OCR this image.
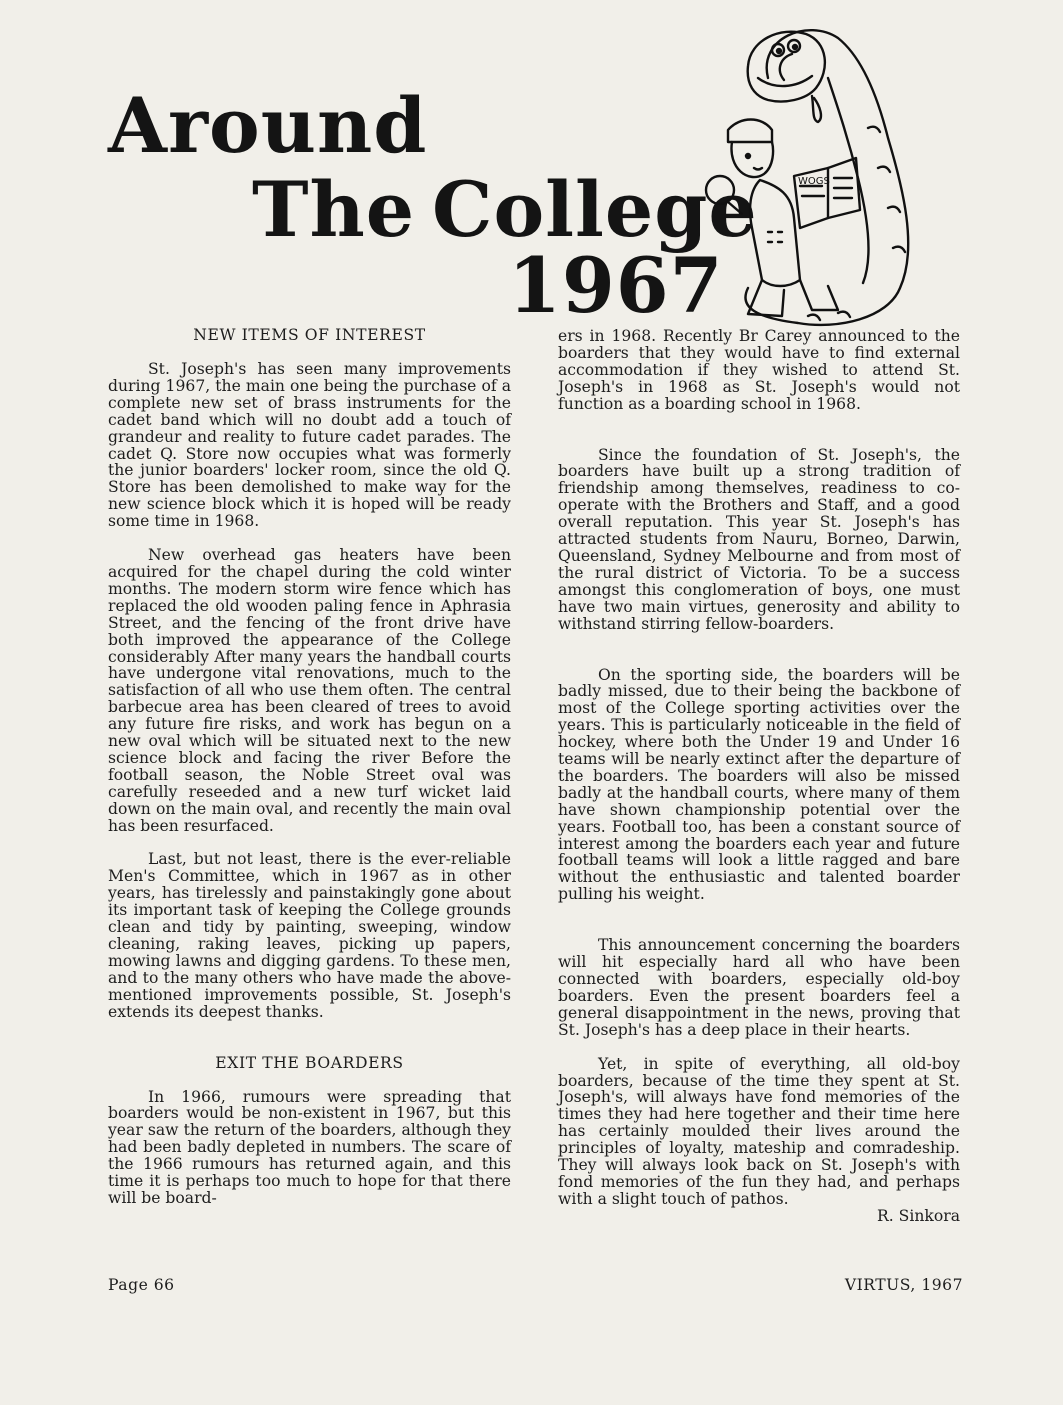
Around
The College
1967
WOGS
NEW ITEMS OF INTEREST

St. Joseph's has seen many improvements during 1967, the main one being the purchase of a complete new set of brass instruments for the cadet band which will no doubt add a touch of grandeur and reality to future cadet parades. The cadet Q. Store now occupies what was formerly the junior boarders' locker room, since the old Q. Store has been demolished to make way for the new science block which it is hoped will be ready some time in 1968.

New overhead gas heaters have been acquired for the chapel during the cold winter months. The modern storm wire fence which has replaced the old wooden paling fence in Aphrasia Street, and the fencing of the front drive have both improved the appearance of the College considerably After many years the handball courts have undergone vital renovations, much to the satisfaction of all who use them often. The central barbecue area has been cleared of trees to avoid any future fire risks, and work has begun on a new oval which will be situated next to the new science block and facing the river Before the football season, the Noble Street oval was carefully reseeded and a new turf wicket laid down on the main oval, and recently the main oval has been resurfaced.

Last, but not least, there is the ever-reliable Men's Committee, which in 1967 as in other years, has tirelessly and painstakingly gone about its important task of keeping the College grounds clean and tidy by painting, sweeping, window cleaning, raking leaves, picking up papers, mowing lawns and digging gardens. To these men, and to the many others who have made the above-mentioned improvements possible, St. Joseph's extends its deepest thanks.

EXIT THE BOARDERS

In 1966, rumours were spreading that boarders would be non-existent in 1967, but this year saw the return of the boarders, although they had been badly depleted in numbers. The scare of the 1966 rumours has returned again, and this time it is perhaps too much to hope for that there will be board-

ers in 1968. Recently Br Carey announced to the boarders that they would have to find external accommodation if they wished to attend St. Joseph's in 1968 as St. Joseph's would not function as a boarding school in 1968.

Since the foundation of St. Joseph's, the boarders have built up a strong tradition of friendship among themselves, readiness to co-operate with the Brothers and Staff, and a good overall reputation. This year St. Joseph's has attracted students from Nauru, Borneo, Darwin, Queensland, Sydney Melbourne and from most of the rural district of Victoria. To be a success amongst this conglomeration of boys, one must have two main virtues, generosity and ability to withstand stirring fellow-boarders.

On the sporting side, the boarders will be badly missed, due to their being the backbone of most of the College sporting activities over the years. This is particularly noticeable in the field of hockey, where both the Under 19 and Under 16 teams will be nearly extinct after the departure of the boarders. The boarders will also be missed badly at the handball courts, where many of them have shown championship potential over the years. Football too, has been a constant source of interest among the boarders each year and future football teams will look a little ragged and bare without the enthusiastic and talented boarder pulling his weight.

This announcement concerning the boarders will hit especially hard all who have been connected with boarders, especially old-boy boarders. Even the present boarders feel a general disappointment in the news, proving that St. Joseph's has a deep place in their hearts.

Yet, in spite of everything, all old-boy boarders, because of the time they spent at St. Joseph's, will always have fond memories of the times they had here together and their time here has certainly moulded their lives around the principles of loyalty, mateship and comradeship. They will always look back on St. Joseph's with fond memories of the fun they had, and perhaps with a slight touch of pathos.

R. Sinkora

Page 66	VIRTUS, 1967
